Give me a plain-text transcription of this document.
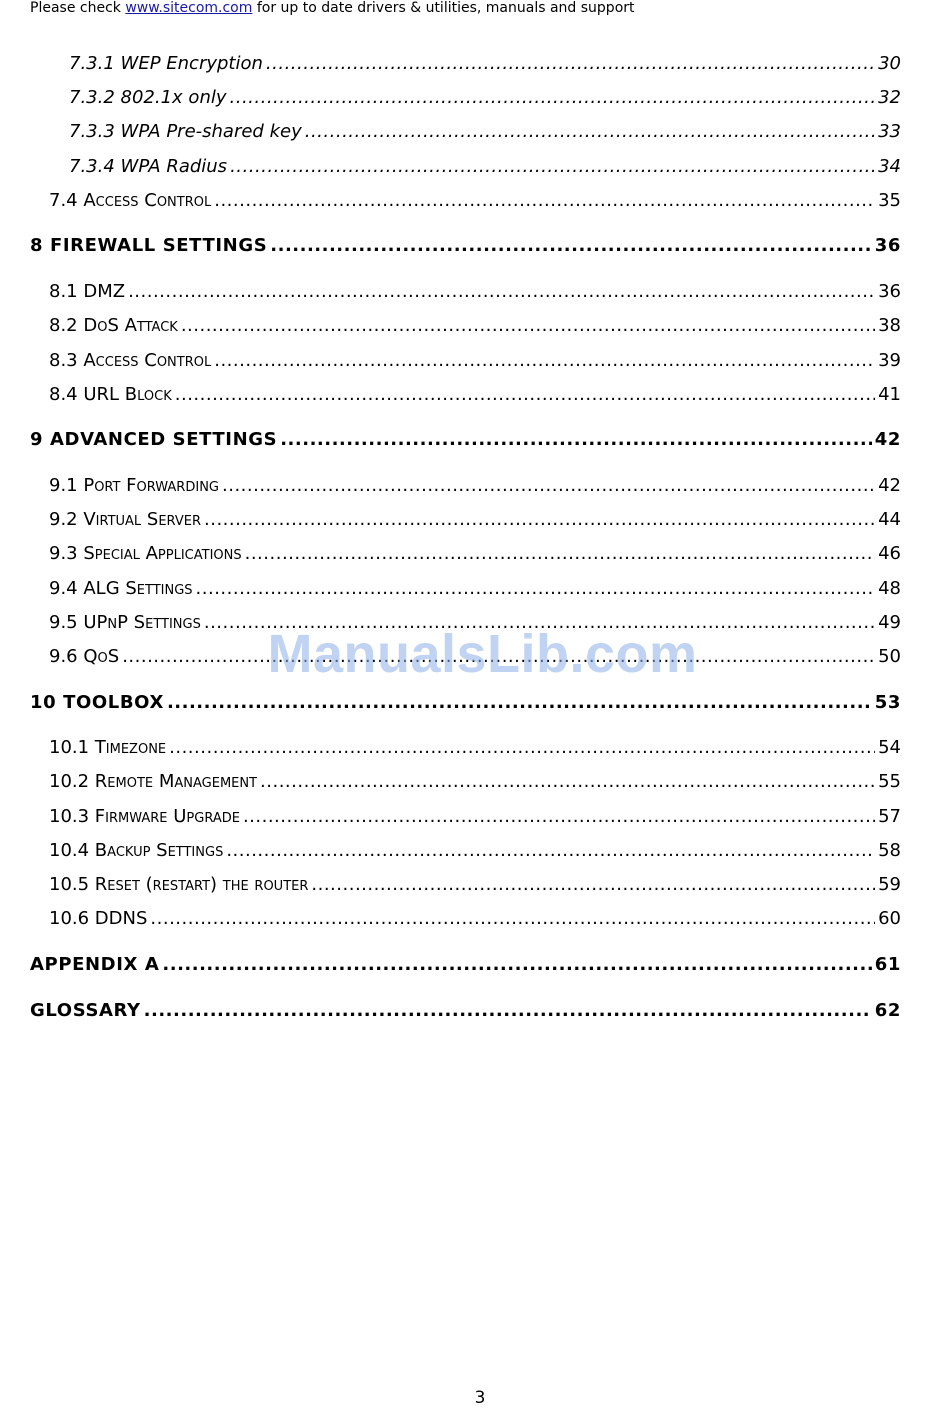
Please check www.sitecom.com for up to date drivers & utilities, manuals and support
7.3.1 WEP Encryption .....	30
7.3.2 802.1x only .....	32
7.3.3 WPA Pre-shared key .....	33
7.3.4 WPA Radius .....	34
7.4 Access Control .....	35
8 FIREWALL SETTINGS .....	36
8.1 DMZ .....	36
8.2 DoS Attack .....	38
8.3 Access Control .....	39
8.4 URL Block .....	41
9 ADVANCED SETTINGS .....	42
9.1 Port Forwarding .....	42
9.2 Virtual Server .....	44
9.3 Special Applications .....	46
9.4 ALG Settings .....	48
9.5 UPnP Settings .....	49
9.6 QoS .....	50
10 TOOLBOX .....	53
10.1 Timezone .....	54
10.2 Remote Management .....	55
10.3 Firmware Upgrade .....	57
10.4 Backup Settings .....	58
10.5 Reset (restart) the router .....	59
10.6 DDNS .....	60
APPENDIX A .....	61
GLOSSARY .....	62
ManualsLib.com
3
